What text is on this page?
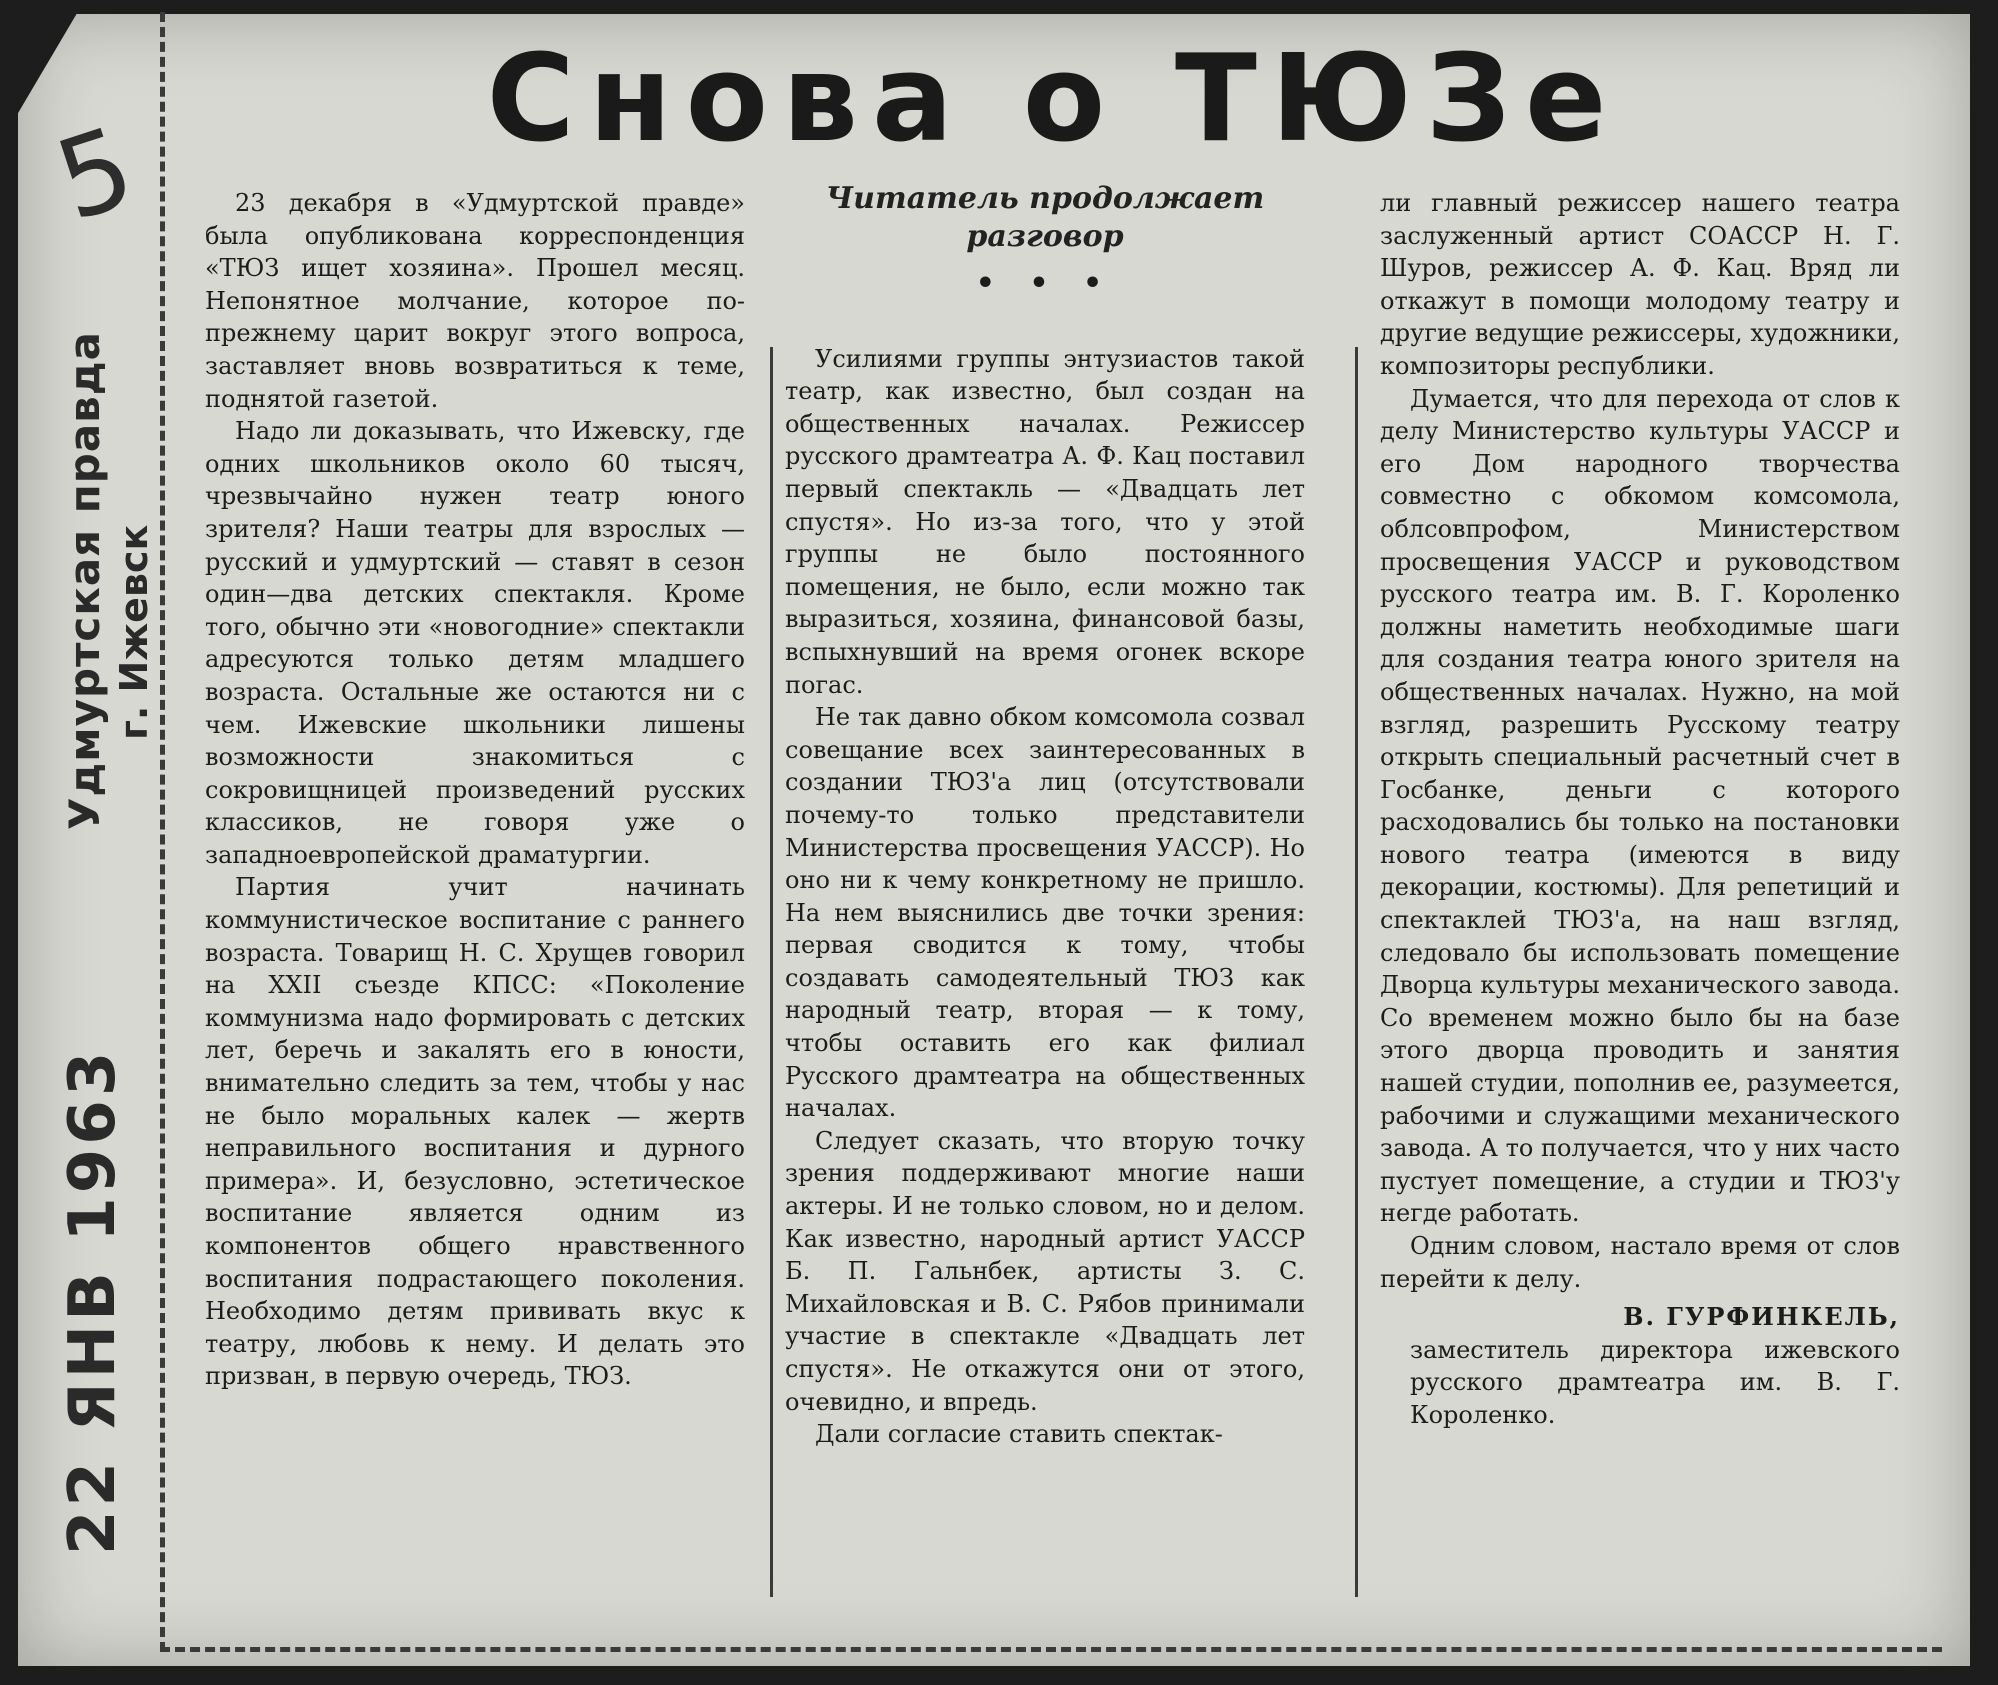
5
Удмуртская правда г. Ижевск
22 ЯНВ 1963
Снова о ТЮЗе

23 декабря в «Удмуртской правде» была опубликована корреспонденция «ТЮЗ ищет хозяина». Прошел месяц. Непонятное молчание, которое по-прежнему царит вокруг этого вопроса, заставляет вновь возвратиться к теме, поднятой газетой.

Надо ли доказывать, что Ижевску, где одних школьников около 60 тысяч, чрезвычайно нужен театр юного зрителя? Наши театры для взрослых — русский и удмуртский — ставят в сезон один—два детских спектакля. Кроме того, обычно эти «новогодние» спектакли адресуются только детям младшего возраста. Остальные же остаются ни с чем. Ижевские школьники лишены возможности знакомиться с сокровищницей произведений русских классиков, не говоря уже о западноевропейской драматургии.

Партия учит начинать коммунистическое воспитание с раннего возраста. Товарищ Н. С. Хрущев говорил на XXII съезде КПСС: «Поколение коммунизма надо формировать с детских лет, беречь и закалять его в юности, внимательно следить за тем, чтобы у нас не было моральных калек — жертв неправильного воспитания и дурного примера». И, безусловно, эстетическое воспитание является одним из компонентов общего нравственного воспитания подрастающего поколения. Необходимо детям прививать вкус к театру, любовь к нему. И делать это призван, в первую очередь, ТЮЗ.

Читатель продолжает
разговор
• • •

Усилиями группы энтузиастов такой театр, как известно, был создан на общественных началах. Режиссер русского драмтеатра А. Ф. Кац поставил первый спектакль — «Двадцать лет спустя». Но из-за того, что у этой группы не было постоянного помещения, не было, если можно так выразиться, хозяина, финансовой базы, вспыхнувший на время огонек вскоре погас.

Не так давно обком комсомола созвал совещание всех заинтересованных в создании ТЮЗ'а лиц (отсутствовали почему-то только представители Министерства просвещения УАССР). Но оно ни к чему конкретному не пришло. На нем выяснились две точки зрения: первая сводится к тому, чтобы создавать самодеятельный ТЮЗ как народный театр, вторая — к тому, чтобы оставить его как филиал Русского драмтеатра на общественных началах.

Следует сказать, что вторую точку зрения поддерживают многие наши актеры. И не только словом, но и делом. Как известно, народный артист УАССР Б. П. Гальнбек, артисты З. С. Михайловская и В. С. Рябов принимали участие в спектакле «Двадцать лет спустя». Не откажутся они от этого, очевидно, и впредь.

Дали согласие ставить спектак-

ли главный режиссер нашего театра заслуженный артист СОАССР Н. Г. Шуров, режиссер А. Ф. Кац. Вряд ли откажут в помощи молодому театру и другие ведущие режиссеры, художники, композиторы республики.

Думается, что для перехода от слов к делу Министерство культуры УАССР и его Дом народного творчества совместно с обкомом комсомола, облсовпрофом, Министерством просвещения УАССР и руководством русского театра им. В. Г. Короленко должны наметить необходимые шаги для создания театра юного зрителя на общественных началах. Нужно, на мой взгляд, разрешить Русскому театру открыть специальный расчетный счет в Госбанке, деньги с которого расходовались бы только на постановки нового театра (имеются в виду декорации, костюмы). Для репетиций и спектаклей ТЮЗ'а, на наш взгляд, следовало бы использовать помещение Дворца культуры механического завода. Со временем можно было бы на базе этого дворца проводить и занятия нашей студии, пополнив ее, разумеется, рабочими и служащими механического завода. А то получается, что у них часто пустует помещение, а студии и ТЮЗ'у негде работать.

Одним словом, настало время от слов перейти к делу.

В. ГУРФИНКЕЛЬ,

заместитель директора ижевского русского драмтеатра им. В. Г. Короленко.
